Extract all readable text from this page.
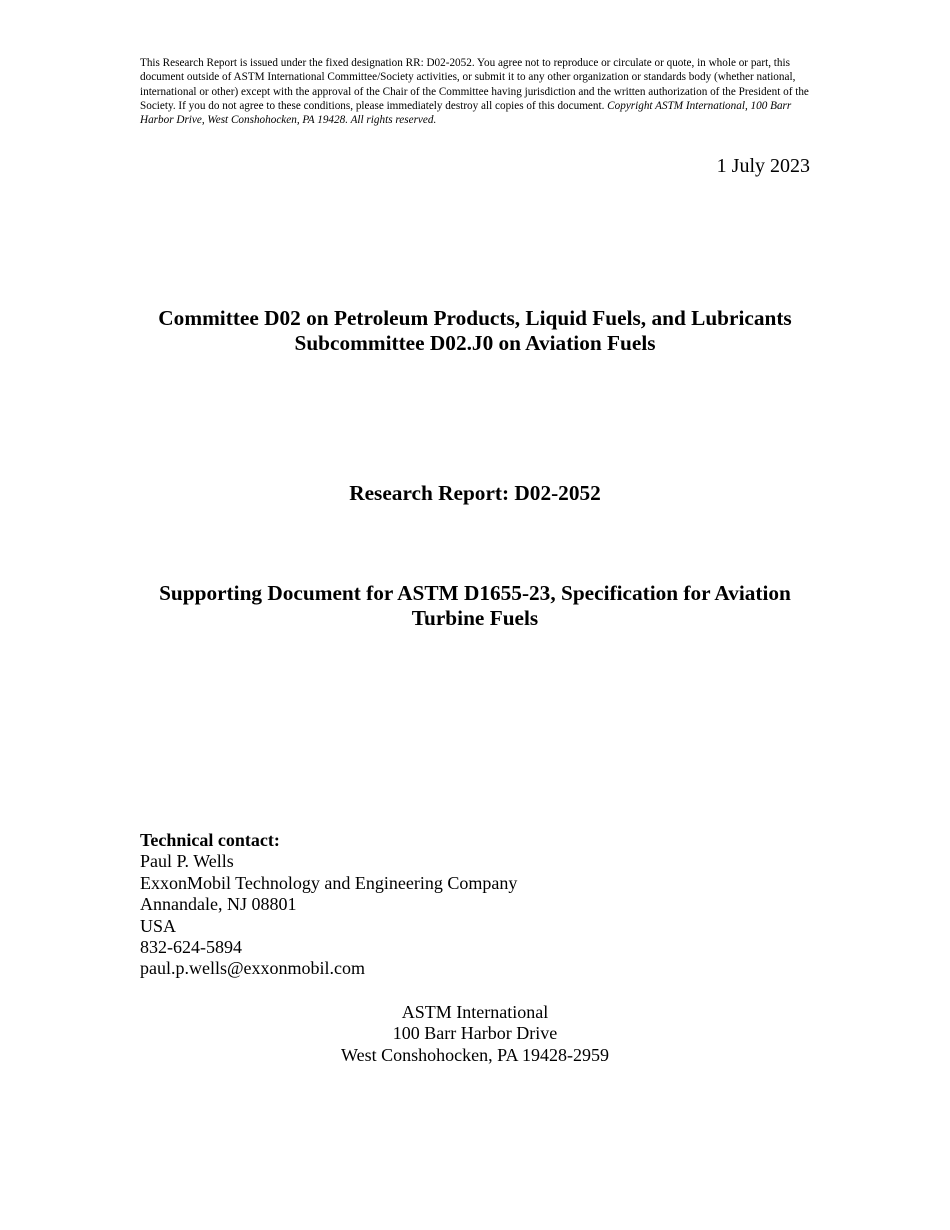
This Research Report is issued under the fixed designation RR: D02-2052. You agree not to reproduce or circulate or quote, in whole or part, this document outside of ASTM International Committee/Society activities, or submit it to any other organization or standards body (whether national, international or other) except with the approval of the Chair of the Committee having jurisdiction and the written authorization of the President of the Society. If you do not agree to these conditions, please immediately destroy all copies of this document. Copyright ASTM International, 100 Barr Harbor Drive, West Conshohocken, PA 19428. All rights reserved.
1 July 2023
Committee D02 on Petroleum Products, Liquid Fuels, and Lubricants
Subcommittee D02.J0 on Aviation Fuels
Research Report: D02-2052
Supporting Document for ASTM D1655-23, Specification for Aviation
Turbine Fuels
Technical contact:
Paul P. Wells
ExxonMobil Technology and Engineering Company
Annandale, NJ 08801
USA
832-624-5894
paul.p.wells@exxonmobil.com
ASTM International
100 Barr Harbor Drive
West Conshohocken, PA 19428-2959
